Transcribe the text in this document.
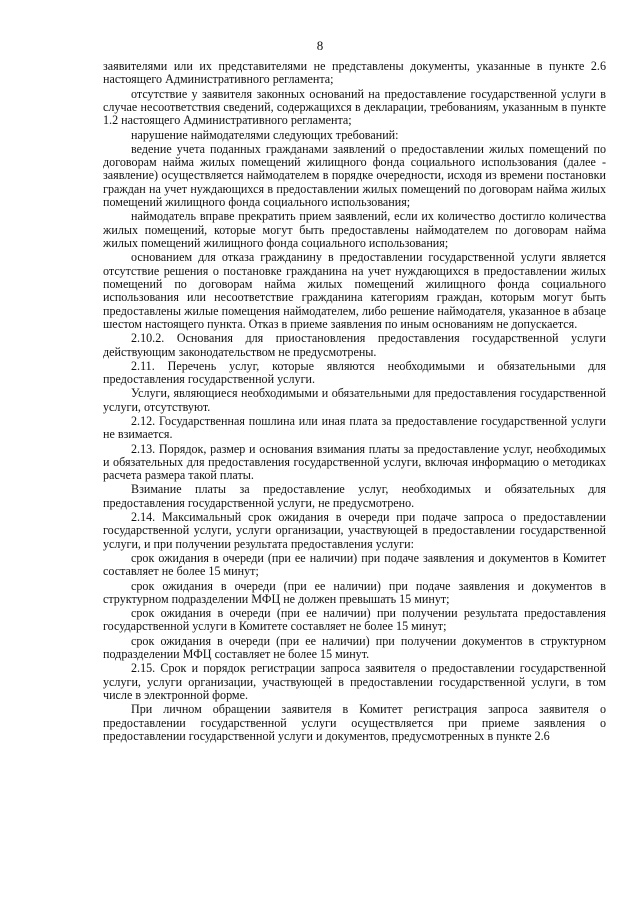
8

заявителями или их представителями не представлены документы, указанные в пункте 2.6 настоящего Административного регламента;

отсутствие у заявителя законных оснований на предоставление государственной услуги в случае несоответствия сведений, содержащихся в декларации, требованиям, указанным в пункте 1.2 настоящего Административного регламента;

нарушение наймодателями следующих требований:

ведение учета поданных гражданами заявлений о предоставлении жилых помещений по договорам найма жилых помещений жилищного фонда социального использования (далее - заявление) осуществляется наймодателем в порядке очередности, исходя из времени постановки граждан на учет нуждающихся в предоставлении жилых помещений по договорам найма жилых помещений жилищного фонда социального использования;

наймодатель вправе прекратить прием заявлений, если их количество достигло количества жилых помещений, которые могут быть предоставлены наймодателем по договорам найма жилых помещений жилищного фонда социального использования;

основанием для отказа гражданину в предоставлении государственной услуги является отсутствие решения о постановке гражданина на учет нуждающихся в предоставлении жилых помещений по договорам найма жилых помещений жилищного фонда социального использования или несоответствие гражданина категориям граждан, которым могут быть предоставлены жилые помещения наймодателем, либо решение наймодателя, указанное в абзаце шестом настоящего пункта. Отказ в приеме заявления по иным основаниям не допускается.

2.10.2. Основания для приостановления предоставления государственной услуги действующим законодательством не предусмотрены.

2.11. Перечень услуг, которые являются необходимыми и обязательными для предоставления государственной услуги.

Услуги, являющиеся необходимыми и обязательными для предоставления государственной услуги, отсутствуют.

2.12. Государственная пошлина или иная плата за предоставление государственной услуги не взимается.

2.13. Порядок, размер и основания взимания платы за предоставление услуг, необходимых и обязательных для предоставления государственной услуги, включая информацию о методиках расчета размера такой платы.

Взимание платы за предоставление услуг, необходимых и обязательных для предоставления государственной услуги, не предусмотрено.

2.14. Максимальный срок ожидания в очереди при подаче запроса о предоставлении государственной услуги, услуги организации, участвующей в предоставлении государственной услуги, и при получении результата предоставления услуги:

срок ожидания в очереди (при ее наличии) при подаче заявления и документов в Комитет составляет не более 15 минут;

срок ожидания в очереди (при ее наличии) при подаче заявления и документов в структурном подразделении МФЦ не должен превышать 15 минут;

срок ожидания в очереди (при ее наличии) при получении результата предоставления государственной услуги в Комитете составляет не более 15 минут;

срок ожидания в очереди (при ее наличии) при получении документов в структурном подразделении МФЦ составляет не более 15 минут.

2.15. Срок и порядок регистрации запроса заявителя о предоставлении государственной услуги, услуги организации, участвующей в предоставлении государственной услуги, в том числе в электронной форме.

При личном обращении заявителя в Комитет регистрация запроса заявителя о предоставлении государственной услуги осуществляется при приеме заявления о предоставлении государственной услуги и документов, предусмотренных в пункте 2.6
